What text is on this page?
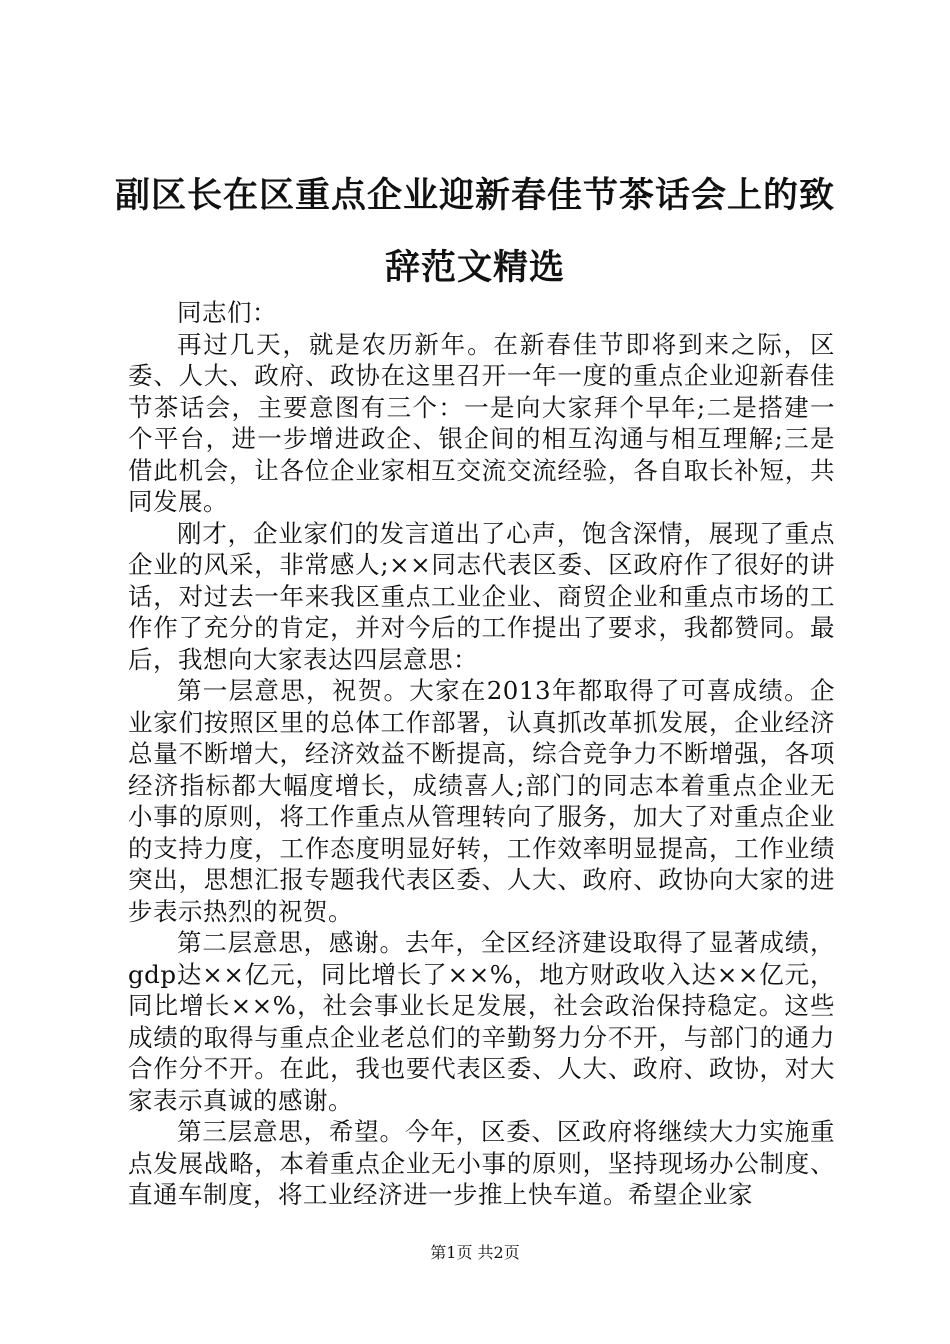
副区长在区重点企业迎新春佳节茶话会上的致辞范文精选

同志们：

再过几天，就是农历新年。在新春佳节即将到来之际，区委、人大、政府、政协在这里召开一年一度的重点企业迎新春佳节茶话会，主要意图有三个：一是向大家拜个早年;二是搭建一个平台，进一步增进政企、银企间的相互沟通与相互理解;三是借此机会，让各位企业家相互交流交流经验，各自取长补短，共同发展。

刚才，企业家们的发言道出了心声，饱含深情，展现了重点企业的风采，非常感人;××同志代表区委、区政府作了很好的讲话，对过去一年来我区重点工业企业、商贸企业和重点市场的工作作了充分的肯定，并对今后的工作提出了要求，我都赞同。最后，我想向大家表达四层意思：

第一层意思，祝贺。大家在2013年都取得了可喜成绩。企业家们按照区里的总体工作部署，认真抓改革抓发展，企业经济总量不断增大，经济效益不断提高，综合竞争力不断增强，各项经济指标都大幅度增长，成绩喜人;部门的同志本着重点企业无小事的原则，将工作重点从管理转向了服务，加大了对重点企业的支持力度，工作态度明显好转，工作效率明显提高，工作业绩突出，思想汇报专题我代表区委、人大、政府、政协向大家的进步表示热烈的祝贺。

第二层意思，感谢。去年，全区经济建设取得了显著成绩，gdp达××亿元，同比增长了××%，地方财政收入达××亿元，同比增长××%，社会事业长足发展，社会政治保持稳定。这些成绩的取得与重点企业老总们的辛勤努力分不开，与部门的通力合作分不开。在此，我也要代表区委、人大、政府、政协，对大家表示真诚的感谢。

第三层意思，希望。今年，区委、区政府将继续大力实施重点发展战略，本着重点企业无小事的原则，坚持现场办公制度、直通车制度，将工业经济进一步推上快车道。希望企业家

第1页 共2页
